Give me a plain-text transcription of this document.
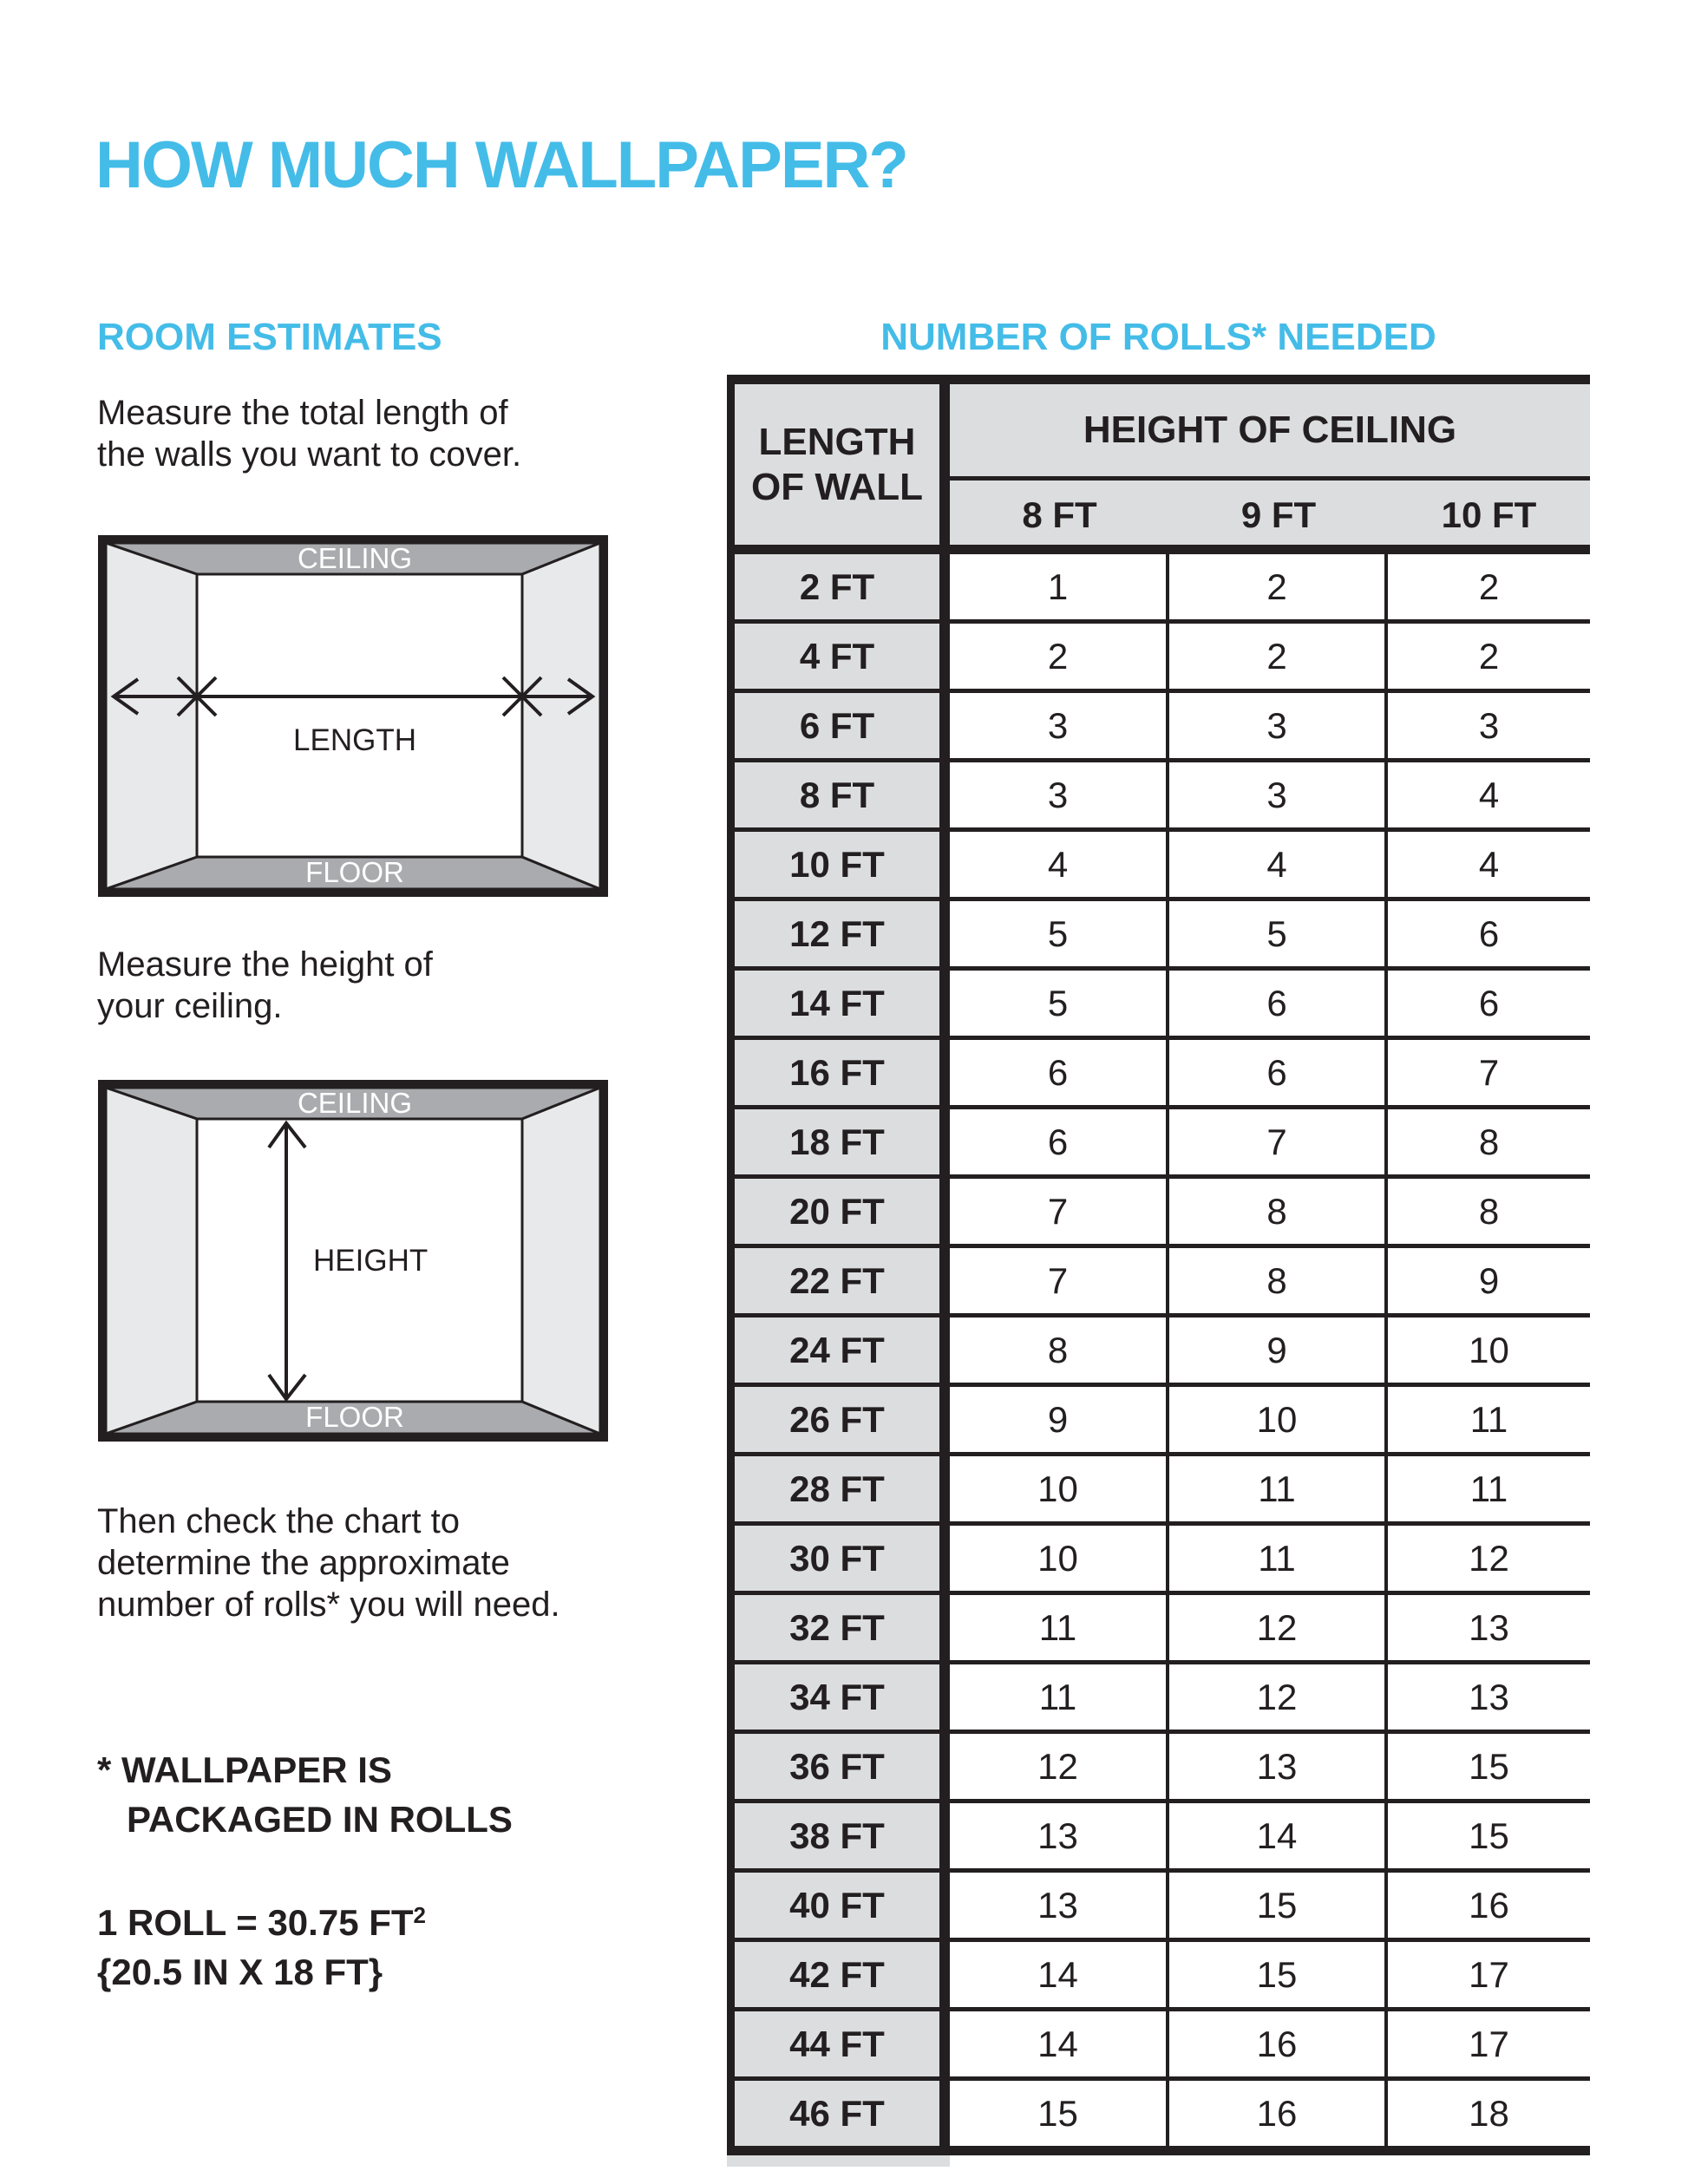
HOW MUCH WALLPAPER?
ROOM ESTIMATES	NUMBER OF ROLLS* NEEDED
Measure the total length of
the walls you want to cover.
CEILING
FLOOR
LENGTH
Measure the height of
your ceiling.
CEILING
FLOOR
HEIGHT
Then check the chart to
determine the approximate
number of rolls* you will need.
* WALLPAPER IS
PACKAGED IN ROLLS
1 ROLL = 30.75 $FT^2$
{20.5 IN X 18 FT}
LENGTH
OF WALL
HEIGHT OF CEILING
8 FT	9 FT	10 FT
2 FT	1	2	2
4 FT	2	2	2
6 FT	3	3	3
8 FT	3	3	4
10 FT	4	4	4
12 FT	5	5	6
14 FT	5	6	6
16 FT	6	6	7
18 FT	6	7	8
20 FT	7	8	8
22 FT	7	8	9
24 FT	8	9	10
26 FT	9	10	11
28 FT	10	11	11
30 FT	10	11	12
32 FT	11	12	13
34 FT	11	12	13
36 FT	12	13	15
38 FT	13	14	15
40 FT	13	15	16
42 FT	14	15	17
44 FT	14	16	17
46 FT	15	16	18
